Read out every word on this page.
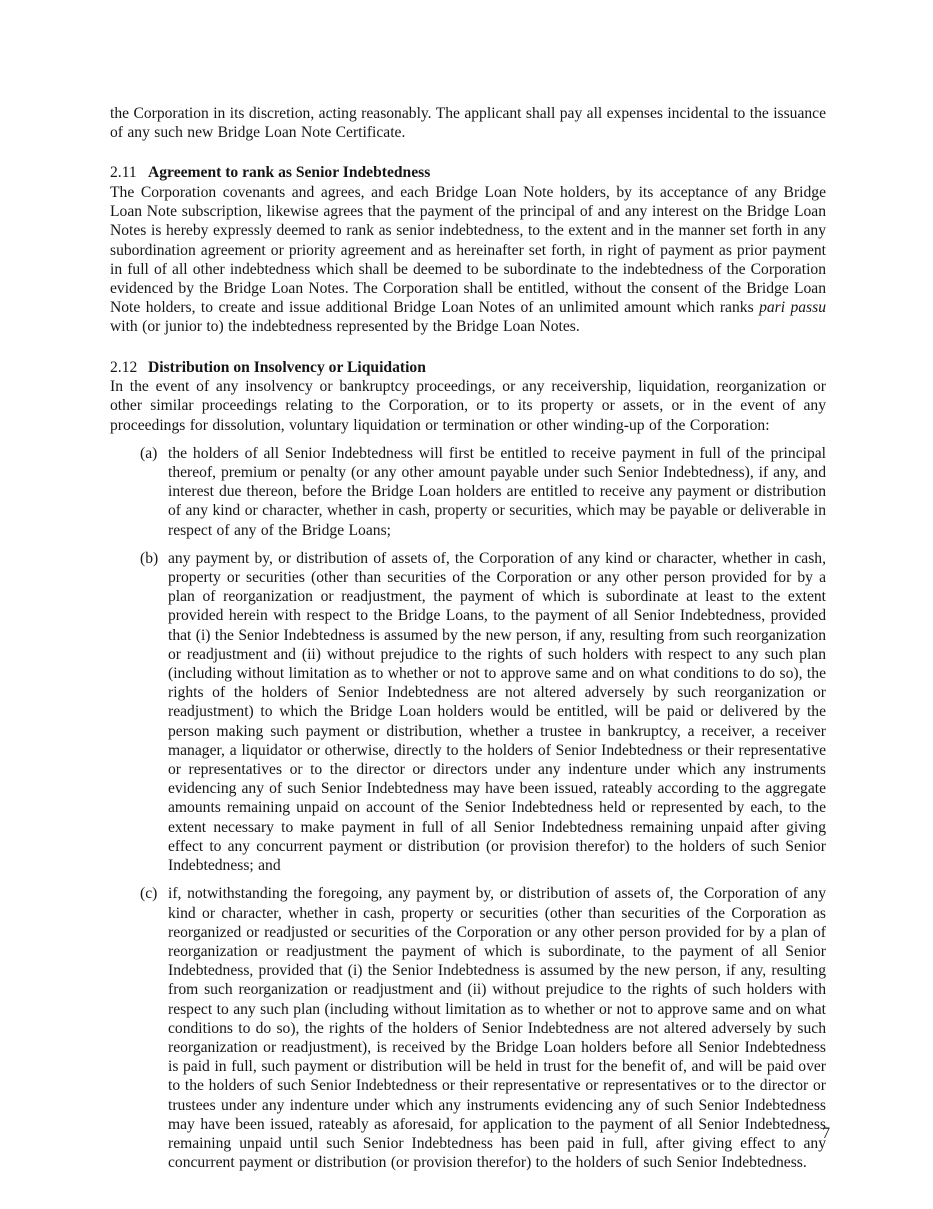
the Corporation in its discretion, acting reasonably. The applicant shall pay all expenses incidental to the issuance of any such new Bridge Loan Note Certificate.

2.11 Agreement to rank as Senior Indebtedness

The Corporation covenants and agrees, and each Bridge Loan Note holders, by its acceptance of any Bridge Loan Note subscription, likewise agrees that the payment of the principal of and any interest on the Bridge Loan Notes is hereby expressly deemed to rank as senior indebtedness, to the extent and in the manner set forth in any subordination agreement or priority agreement and as hereinafter set forth, in right of payment as prior payment in full of all other indebtedness which shall be deemed to be subordinate to the indebtedness of the Corporation evidenced by the Bridge Loan Notes. The Corporation shall be entitled, without the consent of the Bridge Loan Note holders, to create and issue additional Bridge Loan Notes of an unlimited amount which ranks pari passu with (or junior to) the indebtedness represented by the Bridge Loan Notes.

2.12 Distribution on Insolvency or Liquidation

In the event of any insolvency or bankruptcy proceedings, or any receivership, liquidation, reorganization or other similar proceedings relating to the Corporation, or to its property or assets, or in the event of any proceedings for dissolution, voluntary liquidation or termination or other winding-up of the Corporation:

(a) the holders of all Senior Indebtedness will first be entitled to receive payment in full of the principal thereof, premium or penalty (or any other amount payable under such Senior Indebtedness), if any, and interest due thereon, before the Bridge Loan holders are entitled to receive any payment or distribution of any kind or character, whether in cash, property or securities, which may be payable or deliverable in respect of any of the Bridge Loans;

(b) any payment by, or distribution of assets of, the Corporation of any kind or character, whether in cash, property or securities (other than securities of the Corporation or any other person provided for by a plan of reorganization or readjustment, the payment of which is subordinate at least to the extent provided herein with respect to the Bridge Loans, to the payment of all Senior Indebtedness, provided that (i) the Senior Indebtedness is assumed by the new person, if any, resulting from such reorganization or readjustment and (ii) without prejudice to the rights of such holders with respect to any such plan (including without limitation as to whether or not to approve same and on what conditions to do so), the rights of the holders of Senior Indebtedness are not altered adversely by such reorganization or readjustment) to which the Bridge Loan holders would be entitled, will be paid or delivered by the person making such payment or distribution, whether a trustee in bankruptcy, a receiver, a receiver manager, a liquidator or otherwise, directly to the holders of Senior Indebtedness or their representative or representatives or to the director or directors under any indenture under which any instruments evidencing any of such Senior Indebtedness may have been issued, rateably according to the aggregate amounts remaining unpaid on account of the Senior Indebtedness held or represented by each, to the extent necessary to make payment in full of all Senior Indebtedness remaining unpaid after giving effect to any concurrent payment or distribution (or provision therefor) to the holders of such Senior Indebtedness; and

(c) if, notwithstanding the foregoing, any payment by, or distribution of assets of, the Corporation of any kind or character, whether in cash, property or securities (other than securities of the Corporation as reorganized or readjusted or securities of the Corporation or any other person provided for by a plan of reorganization or readjustment the payment of which is subordinate, to the payment of all Senior Indebtedness, provided that (i) the Senior Indebtedness is assumed by the new person, if any, resulting from such reorganization or readjustment and (ii) without prejudice to the rights of such holders with respect to any such plan (including without limitation as to whether or not to approve same and on what conditions to do so), the rights of the holders of Senior Indebtedness are not altered adversely by such reorganization or readjustment), is received by the Bridge Loan holders before all Senior Indebtedness is paid in full, such payment or distribution will be held in trust for the benefit of, and will be paid over to the holders of such Senior Indebtedness or their representative or representatives or to the director or trustees under any indenture under which any instruments evidencing any of such Senior Indebtedness may have been issued, rateably as aforesaid, for application to the payment of all Senior Indebtedness remaining unpaid until such Senior Indebtedness has been paid in full, after giving effect to any concurrent payment or distribution (or provision therefor) to the holders of such Senior Indebtedness.

7
